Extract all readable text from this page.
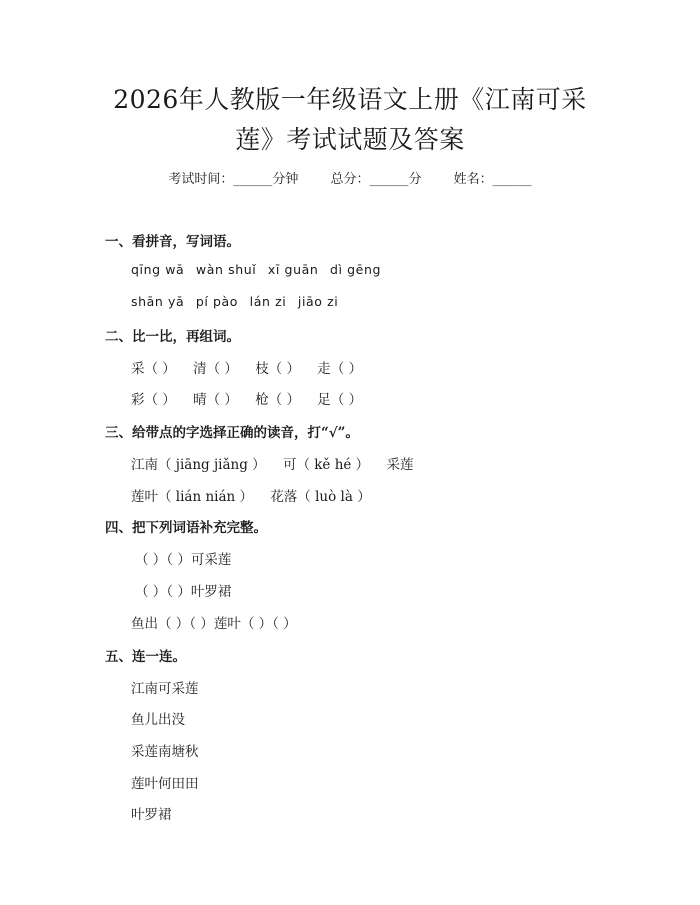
2026年人教版一年级语文上册《江南可采
莲》考试试题及答案
考试时间：______分钟 总分：______分 姓名：______
一、看拼音，写词语。
qīng wā wàn shuǐ xī guān dì gēng
shān yā pí pào lán zi jiāo zi
二、比一比，再组词。
采（ ） 清（ ） 枝（ ） 走（ ）
彩（ ） 晴（ ） 枪（ ） 足（ ）
三、给带点的字选择正确的读音，打“√”。
江南（ jiāng jiǎng ） 可（ kě hé ） 采莲
莲叶（ lián nián ） 花落（ luò là ）
四、把下列词语补充完整。
（ ）（ ）可采莲
（ ）（ ）叶罗裙
鱼出（ ）（ ）莲叶（ ）（ ）
五、连一连。
江南可采莲
鱼儿出没
采莲南塘秋
莲叶何田田
叶罗裙
